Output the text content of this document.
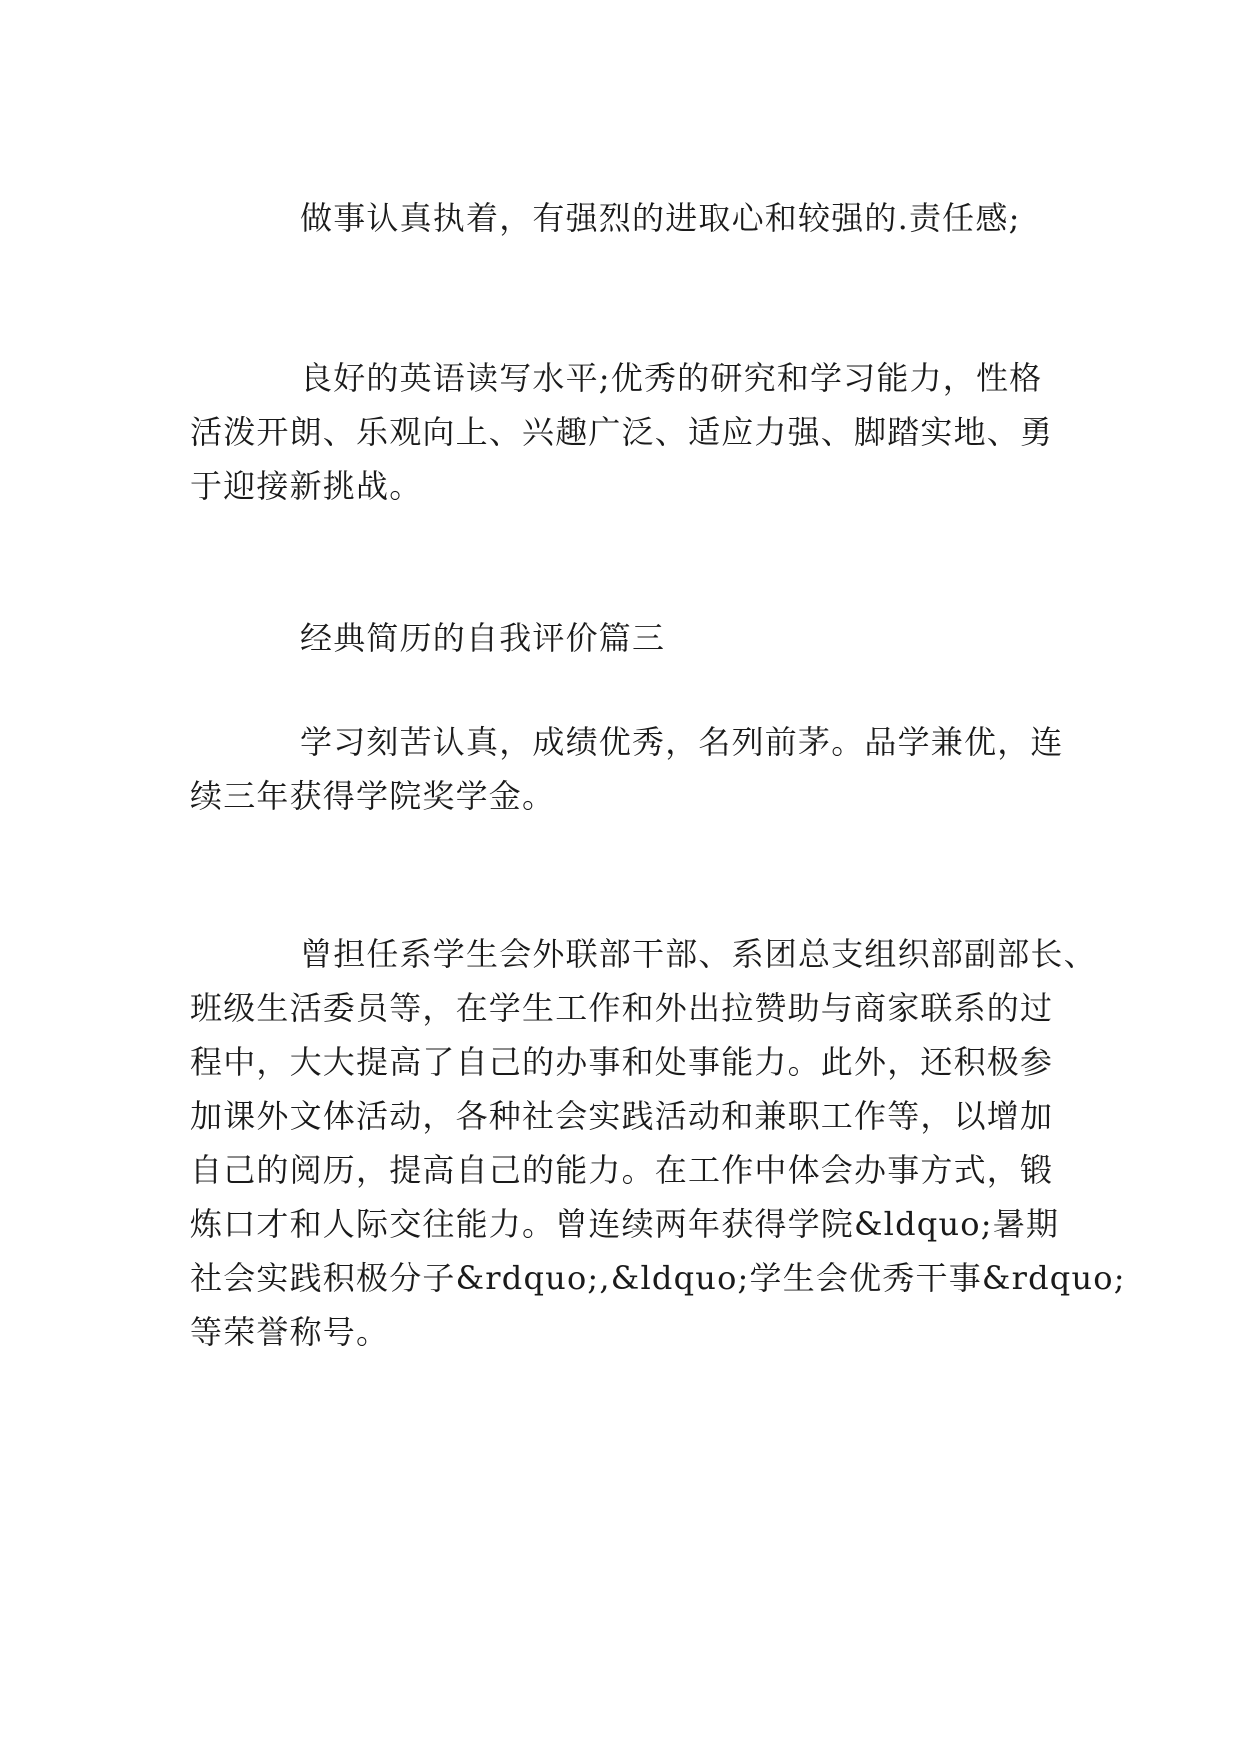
做事认真执着，有强烈的进取心和较强的.责任感;
良好的英语读写水平;优秀的研究和学习能力，性格
活泼开朗、乐观向上、兴趣广泛、适应力强、脚踏实地、勇
于迎接新挑战。
经典简历的自我评价篇三
学习刻苦认真，成绩优秀，名列前茅。品学兼优，连
续三年获得学院奖学金。
曾担任系学生会外联部干部、系团总支组织部副部长、
班级生活委员等，在学生工作和外出拉赞助与商家联系的过
程中，大大提高了自己的办事和处事能力。此外，还积极参
加课外文体活动，各种社会实践活动和兼职工作等，以增加
自己的阅历，提高自己的能力。在工作中体会办事方式，锻
炼口才和人际交往能力。曾连续两年获得学院&ldquo;暑期
社会实践积极分子&rdquo;,&ldquo;学生会优秀干事&rdquo;
等荣誉称号。
